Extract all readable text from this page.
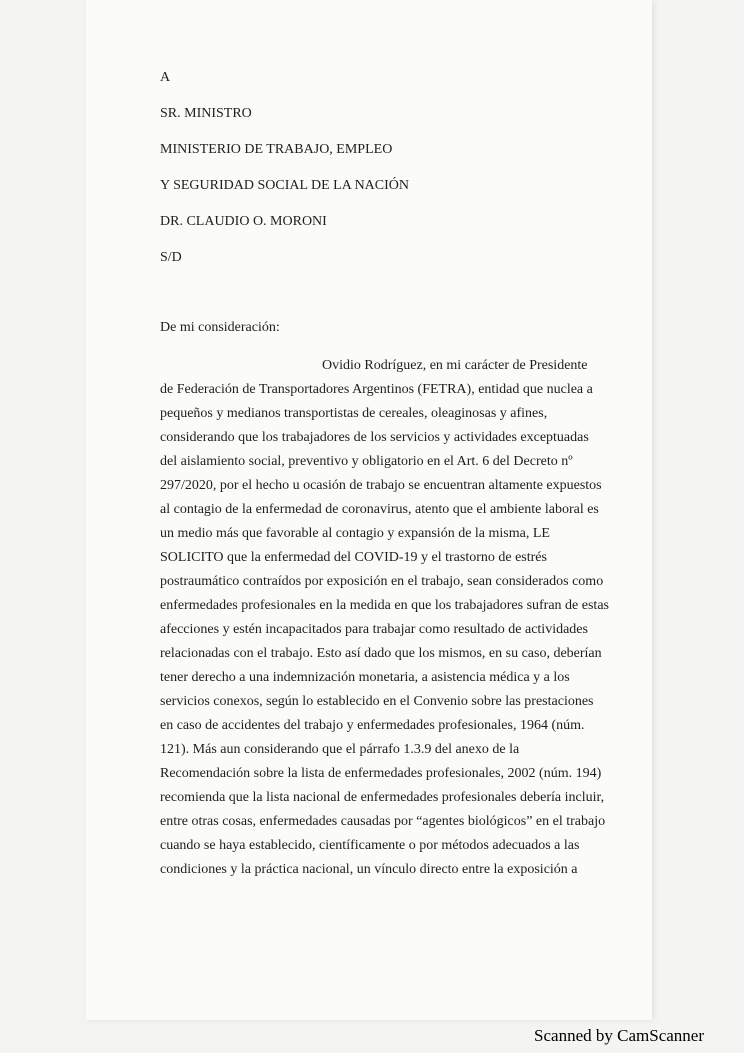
A
SR. MINISTRO
MINISTERIO DE TRABAJO, EMPLEO
Y SEGURIDAD SOCIAL DE LA NACIÓN
DR. CLAUDIO O. MORONI
S/D
De mi consideración:
Ovidio Rodríguez, en mi carácter de Presidente
de Federación de Transportadores Argentinos (FETRA), entidad que nuclea a
pequeños y medianos transportistas de cereales, oleaginosas y afines,
considerando que los trabajadores de los servicios y actividades exceptuadas
del aislamiento social, preventivo y obligatorio en el Art. 6 del Decreto nº
297/2020, por el hecho u ocasión de trabajo se encuentran altamente expuestos
al contagio de la enfermedad de coronavirus, atento que el ambiente laboral es
un medio más que favorable al contagio y expansión de la misma, LE
SOLICITO que la enfermedad del COVID-19 y el trastorno de estrés
postraumático contraídos por exposición en el trabajo, sean considerados como
enfermedades profesionales en la medida en que los trabajadores sufran de estas
afecciones y estén incapacitados para trabajar como resultado de actividades
relacionadas con el trabajo. Esto así dado que los mismos, en su caso, deberían
tener derecho a una indemnización monetaria, a asistencia médica y a los
servicios conexos, según lo establecido en el Convenio sobre las prestaciones
en caso de accidentes del trabajo y enfermedades profesionales, 1964 (núm.
121). Más aun considerando que el párrafo 1.3.9 del anexo de la
Recomendación sobre la lista de enfermedades profesionales, 2002 (núm. 194)
recomienda que la lista nacional de enfermedades profesionales debería incluir,
entre otras cosas, enfermedades causadas por “agentes biológicos” en el trabajo
cuando se haya establecido, científicamente o por métodos adecuados a las
condiciones y la práctica nacional, un vínculo directo entre la exposición a
Scanned by CamScanner
